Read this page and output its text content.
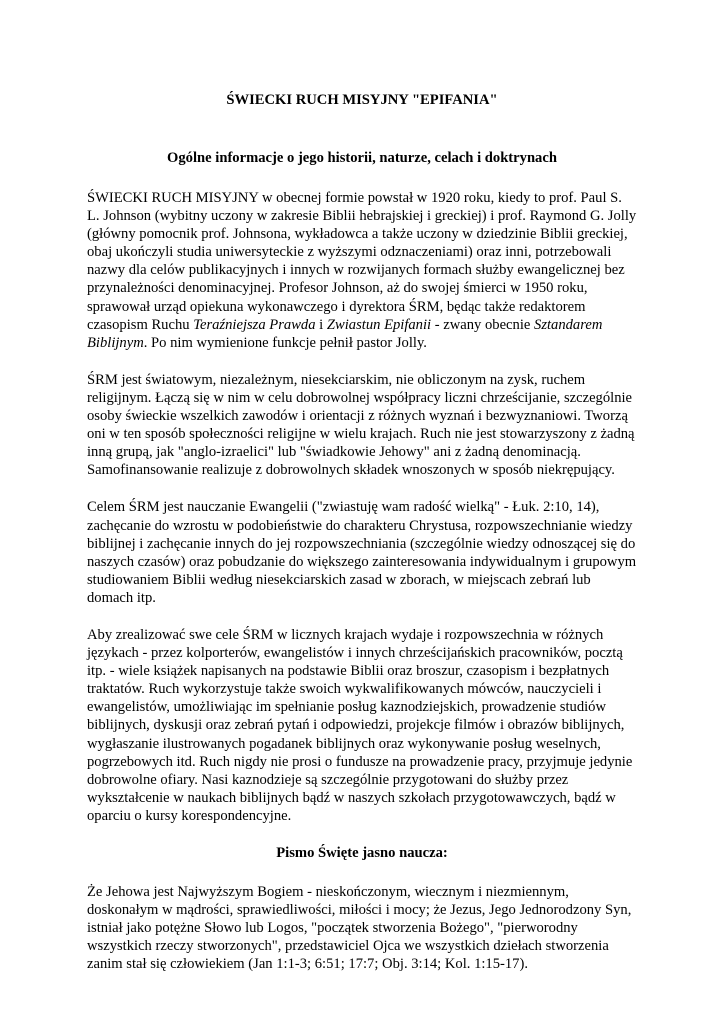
ŚWIECKI RUCH MISYJNY "EPIFANIA"
Ogólne informacje o jego historii, naturze, celach i doktrynach
ŚWIECKI RUCH MISYJNY w obecnej formie powstał w 1920 roku, kiedy to prof. Paul S.
L. Johnson (wybitny uczony w zakresie Biblii hebrajskiej i greckiej) i prof. Raymond G. Jolly
(główny pomocnik prof. Johnsona, wykładowca a także uczony w dziedzinie Biblii greckiej,
obaj ukończyli studia uniwersyteckie z wyższymi odznaczeniami) oraz inni, potrzebowali
nazwy dla celów publikacyjnych i innych w rozwijanych formach służby ewangelicznej bez
przynależności denominacyjnej. Profesor Johnson, aż do swojej śmierci w 1950 roku,
sprawował urząd opiekuna wykonawczego i dyrektora ŚRM, będąc także redaktorem
czasopism Ruchu Teraźniejsza Prawda i Zwiastun Epifanii - zwany obecnie Sztandarem
Biblijnym. Po nim wymienione funkcje pełnił pastor Jolly.
ŚRM jest światowym, niezależnym, niesekciarskim, nie obliczonym na zysk, ruchem
religijnym. Łączą się w nim w celu dobrowolnej współpracy liczni chrześcijanie, szczególnie
osoby świeckie wszelkich zawodów i orientacji z różnych wyznań i bezwyznaniowi. Tworzą
oni w ten sposób społeczności religijne w wielu krajach. Ruch nie jest stowarzyszony z żadną
inną grupą, jak "anglo-izraelici" lub "świadkowie Jehowy" ani z żadną denominacją.
Samofinansowanie realizuje z dobrowolnych składek wnoszonych w sposób niekrępujący.
Celem ŚRM jest nauczanie Ewangelii ("zwiastuję wam radość wielką" - Łuk. 2:10, 14),
zachęcanie do wzrostu w podobieństwie do charakteru Chrystusa, rozpowszechnianie wiedzy
biblijnej i zachęcanie innych do jej rozpowszechniania (szczególnie wiedzy odnoszącej się do
naszych czasów) oraz pobudzanie do większego zainteresowania indywidualnym i grupowym
studiowaniem Biblii według niesekciarskich zasad w zborach, w miejscach zebrań lub
domach itp.
Aby zrealizować swe cele ŚRM w licznych krajach wydaje i rozpowszechnia w różnych
językach - przez kolporterów, ewangelistów i innych chrześcijańskich pracowników, pocztą
itp. - wiele książek napisanych na podstawie Biblii oraz broszur, czasopism i bezpłatnych
traktatów. Ruch wykorzystuje także swoich wykwalifikowanych mówców, nauczycieli i
ewangelistów, umożliwiając im spełnianie posług kaznodziejskich, prowadzenie studiów
biblijnych, dyskusji oraz zebrań pytań i odpowiedzi, projekcje filmów i obrazów biblijnych,
wygłaszanie ilustrowanych pogadanek biblijnych oraz wykonywanie posług weselnych,
pogrzebowych itd. Ruch nigdy nie prosi o fundusze na prowadzenie pracy, przyjmuje jedynie
dobrowolne ofiary. Nasi kaznodzieje są szczególnie przygotowani do służby przez
wykształcenie w naukach biblijnych bądź w naszych szkołach przygotowawczych, bądź w
oparciu o kursy korespondencyjne.
Pismo Święte jasno naucza:
Że Jehowa jest Najwyższym Bogiem - nieskończonym, wiecznym i niezmiennym,
doskonałym w mądrości, sprawiedliwości, miłości i mocy; że Jezus, Jego Jednorodzony Syn,
istniał jako potężne Słowo lub Logos, "początek stworzenia Bożego", "pierworodny
wszystkich rzeczy stworzonych", przedstawiciel Ojca we wszystkich dziełach stworzenia
zanim stał się człowiekiem (Jan 1:1-3; 6:51; 17:7; Obj. 3:14; Kol. 1:15-17).
